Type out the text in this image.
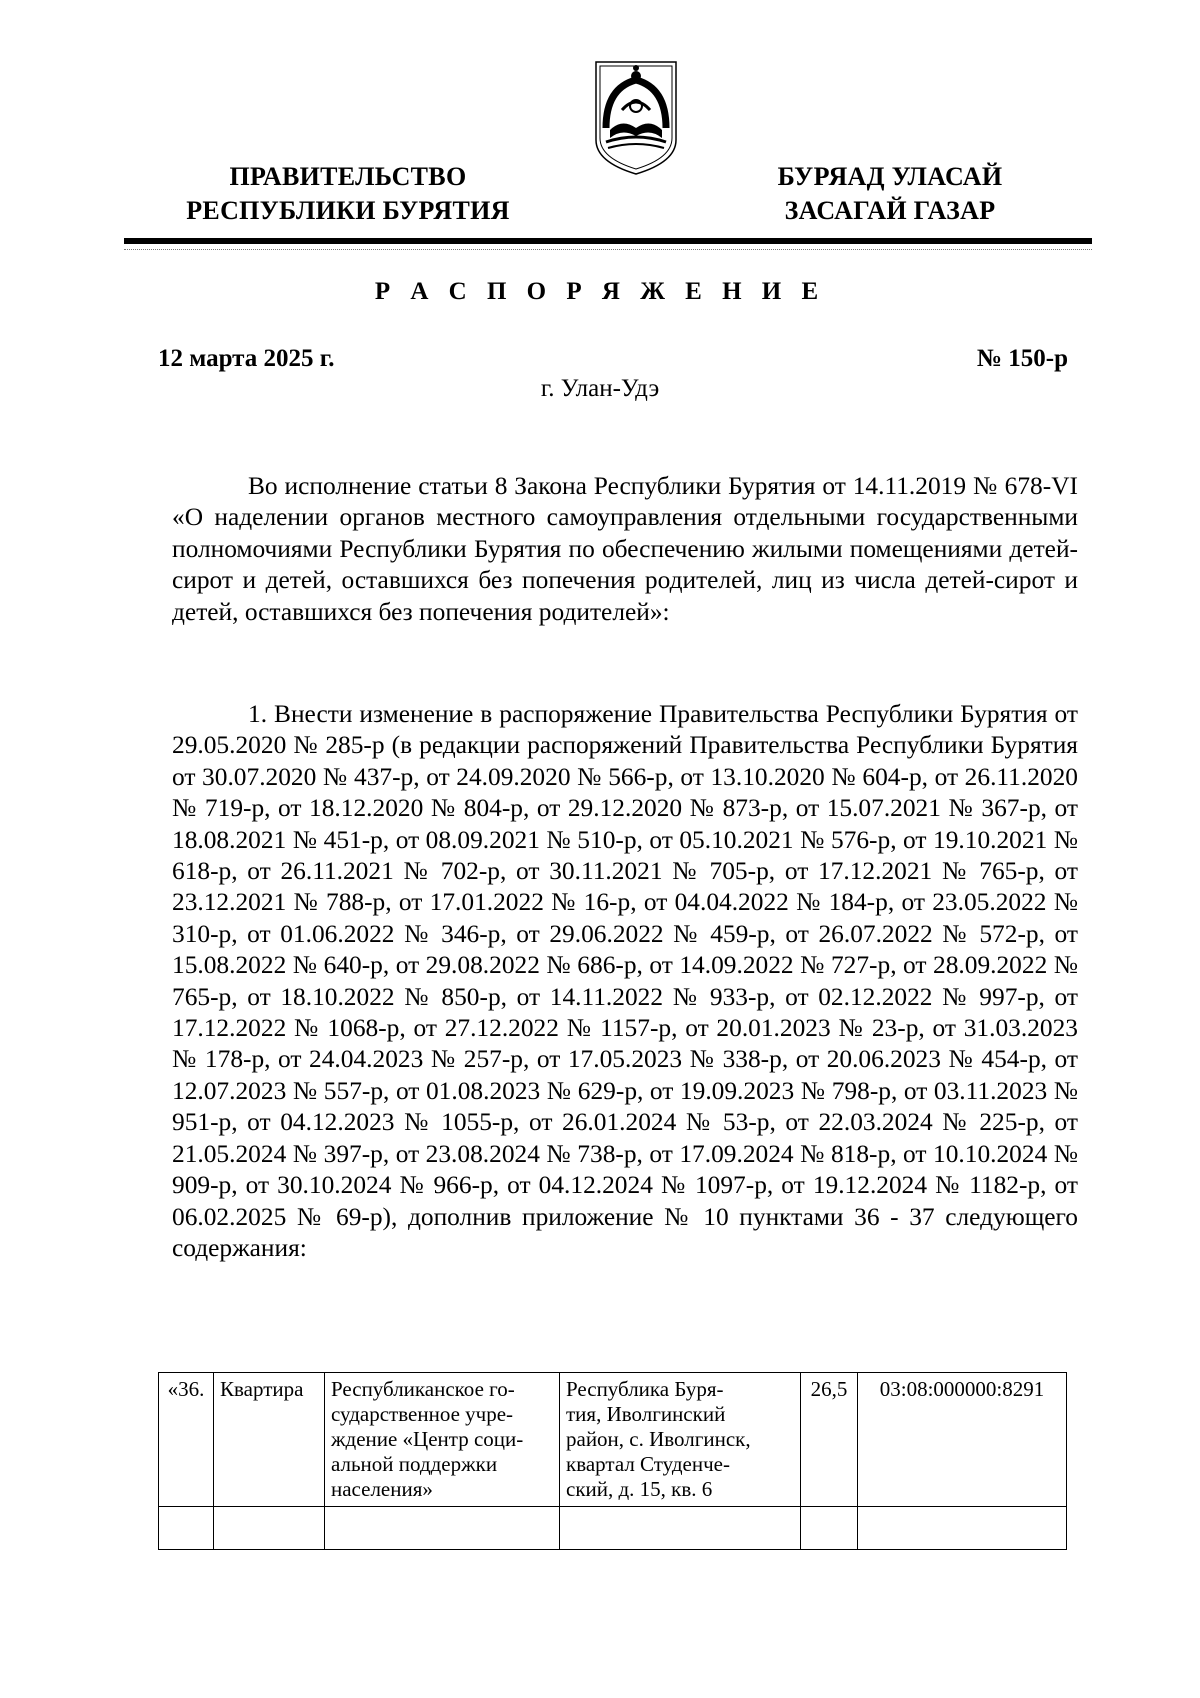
ПРАВИТЕЛЬСТВО
РЕСПУБЛИКИ БУРЯТИЯ
БУРЯАД УЛАСАЙ
ЗАСАГАЙ ГАЗАР
Р А С П О Р Я Ж Е Н И Е
12 марта 2025 г.	№ 150-р
г. Улан-Удэ

Во исполнение статьи 8 Закона Республики Бурятия от 14.11.2019 № 678-VI «О наделении органов местного самоуправления отдельными государственными полномочиями Республики Бурятия по обеспечению жилыми помещениями детей-сирот и детей, оставшихся без попечения родителей, лиц из числа детей-сирот и детей, оставшихся без попечения родителей»:

1. Внести изменение в распоряжение Правительства Республики Бурятия от 29.05.2020 № 285-р (в редакции распоряжений Правительства Республики Бурятия от 30.07.2020 № 437-р, от 24.09.2020 № 566-р, от 13.10.2020 № 604-р, от 26.11.2020 № 719-р, от 18.12.2020 № 804-р, от 29.12.2020 № 873-р, от 15.07.2021 № 367-р, от 18.08.2021 № 451-р, от 08.09.2021 № 510-р, от 05.10.2021 № 576-р, от 19.10.2021 № 618-р, от 26.11.2021 № 702-р, от 30.11.2021 № 705-р, от 17.12.2021 № 765-р, от 23.12.2021 № 788-р, от 17.01.2022 № 16-р, от 04.04.2022 № 184-р, от 23.05.2022 № 310-р, от 01.06.2022 № 346-р, от 29.06.2022 № 459-р, от 26.07.2022 № 572-р, от 15.08.2022 № 640-р, от 29.08.2022 № 686-р, от 14.09.2022 № 727-р, от 28.09.2022 № 765-р, от 18.10.2022 № 850-р, от 14.11.2022 № 933-р, от 02.12.2022 № 997-р, от 17.12.2022 № 1068-р, от 27.12.2022 № 1157-р, от 20.01.2023 № 23-р, от 31.03.2023 № 178-р, от 24.04.2023 № 257-р, от 17.05.2023 № 338-р, от 20.06.2023 № 454-р, от 12.07.2023 № 557-р, от 01.08.2023 № 629-р, от 19.09.2023 № 798-р, от 03.11.2023 № 951-р, от 04.12.2023 № 1055-р, от 26.01.2024 № 53-р, от 22.03.2024 № 225-р, от 21.05.2024 № 397-р, от 23.08.2024 № 738-р, от 17.09.2024 № 818-р, от 10.10.2024 № 909-р, от 30.10.2024 № 966-р, от 04.12.2024 № 1097-р, от 19.12.2024 № 1182-р, от 06.02.2025 № 69-р), дополнив приложение № 10 пунктами 36 - 37 следующего содержания:

«36.	Квартира	Республиканское го-
сударственное учре-
ждение «Центр соци-
альной поддержки
населения»	Республика Буря-
тия, Иволгинский
район, с. Иволгинск,
квартал Студенче-
ский, д. 15, кв. 6	26,5	03:08:000000:8291
